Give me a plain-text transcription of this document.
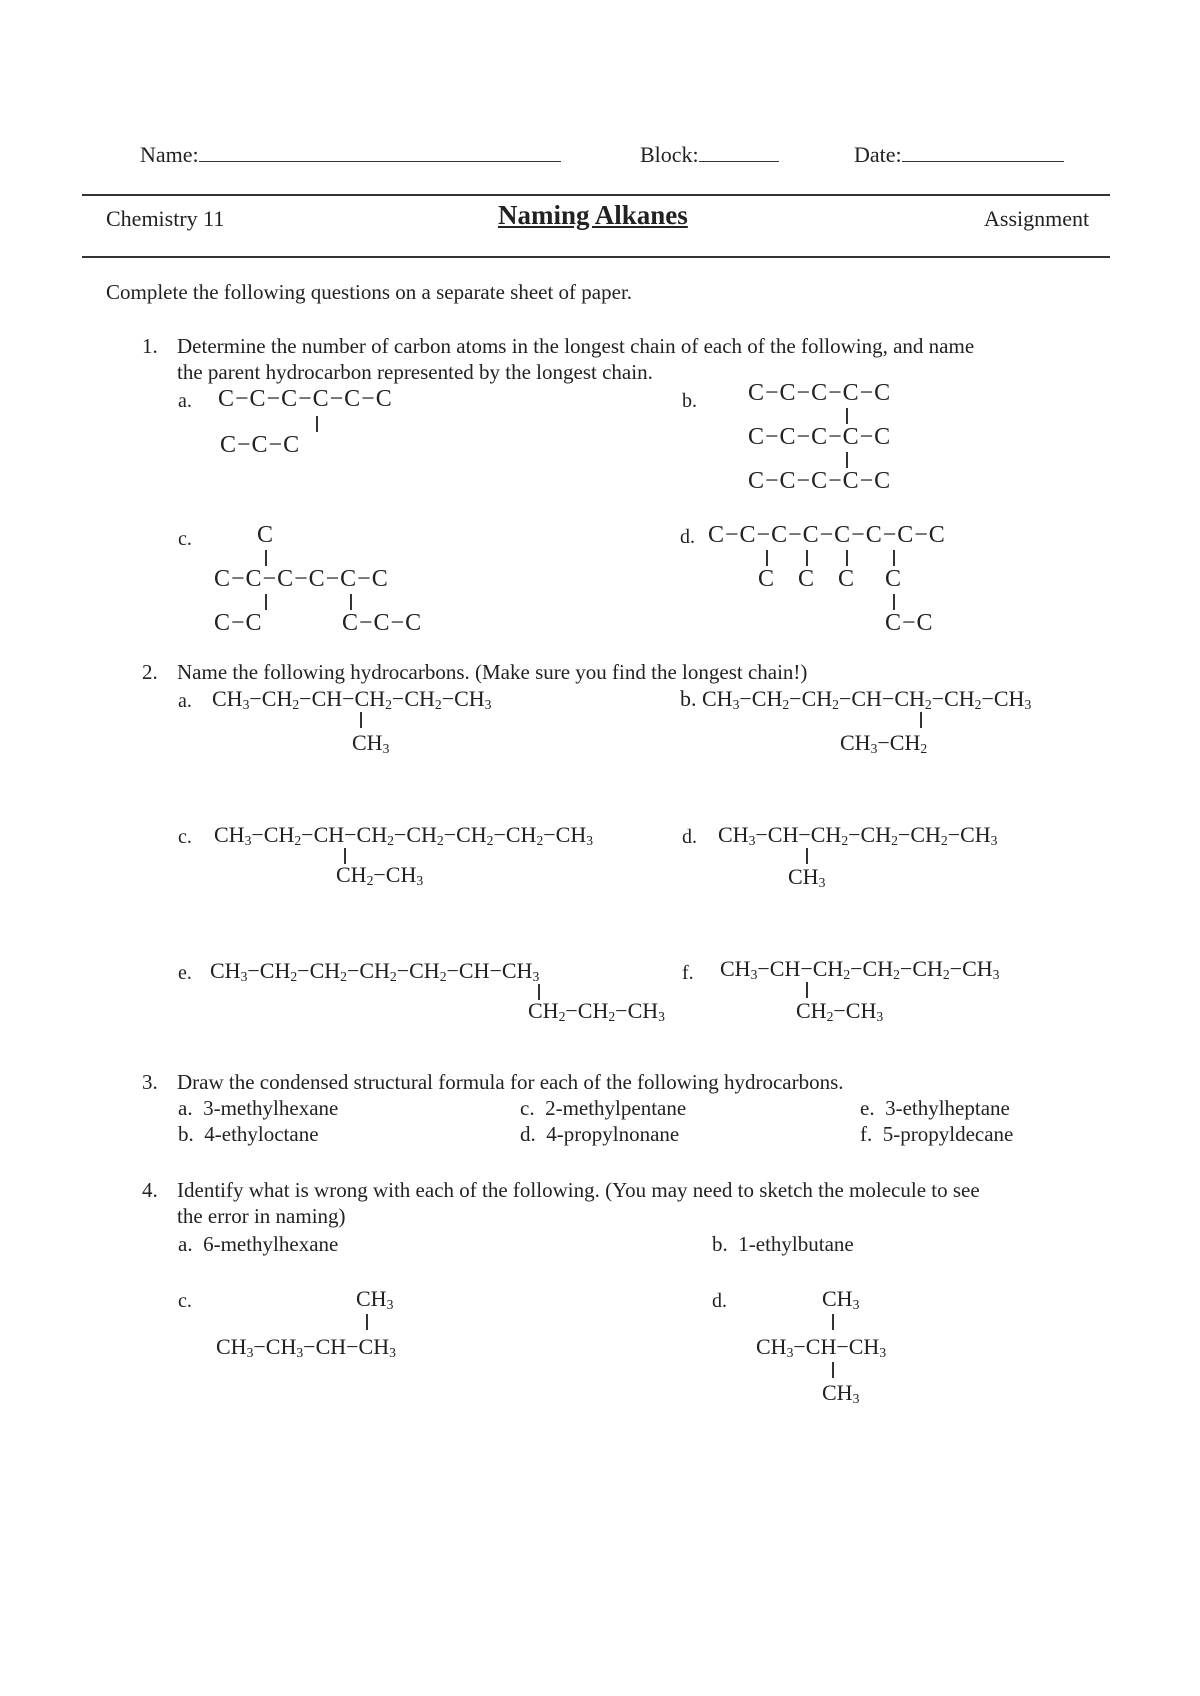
Name:	Block:	Date:
Chemistry 11	Naming Alkanes	Assignment
Complete the following questions on a separate sheet of paper.
1. Determine the number of carbon atoms in the longest chain of each of the following, and name
the parent hydrocarbon represented by the longest chain.
a. C−C−C−C−C−C
C−C−C
b. C−C−C−C−C
C−C−C−C−C
C−C−C−C−C
c.	C
C−C−C−C−C−C
C−C	C−C−C
d. C−C−C−C−C−C−C−C
C C C C
C−C
2. Name the following hydrocarbons. (Make sure you find the longest chain!)
a. $CH_3-CH_2-CH-CH_2-CH_2-CH_3$
$CH_3$
b. $CH_3-CH_2-CH_2-CH-CH_2-CH_2-CH_3$
$CH_3-CH_2$
c. $CH_3-CH_2-CH-CH_2-CH_2-CH_2-CH_2-CH_3$
$CH_2-CH_3$
d. $CH_3-CH-CH_2-CH_2-CH_2-CH_3$
$CH_3$
e. $CH_3-CH_2-CH_2-CH_2-CH_2-CH-CH_3$
$CH_2-CH_2-CH_3$
f. $CH_3-CH-CH_2-CH_2-CH_2-CH_3$
$CH_2-CH_3$
3. Draw the condensed structural formula for each of the following hydrocarbons.
a. 3-methylhexane
b. 4-ethyloctane
c. 2-methylpentane
d. 4-propylnonane
e. 3-ethylheptane
f. 5-propyldecane
4. Identify what is wrong with each of the following. (You may need to sketch the molecule to see
the error in naming)
a. 6-methylhexane	b. 1-ethylbutane
c.	$CH_3$
$CH_3-CH_3-CH-CH_3$
d.	$CH_3$
$CH_3-CH-CH_3$
$CH_3$
